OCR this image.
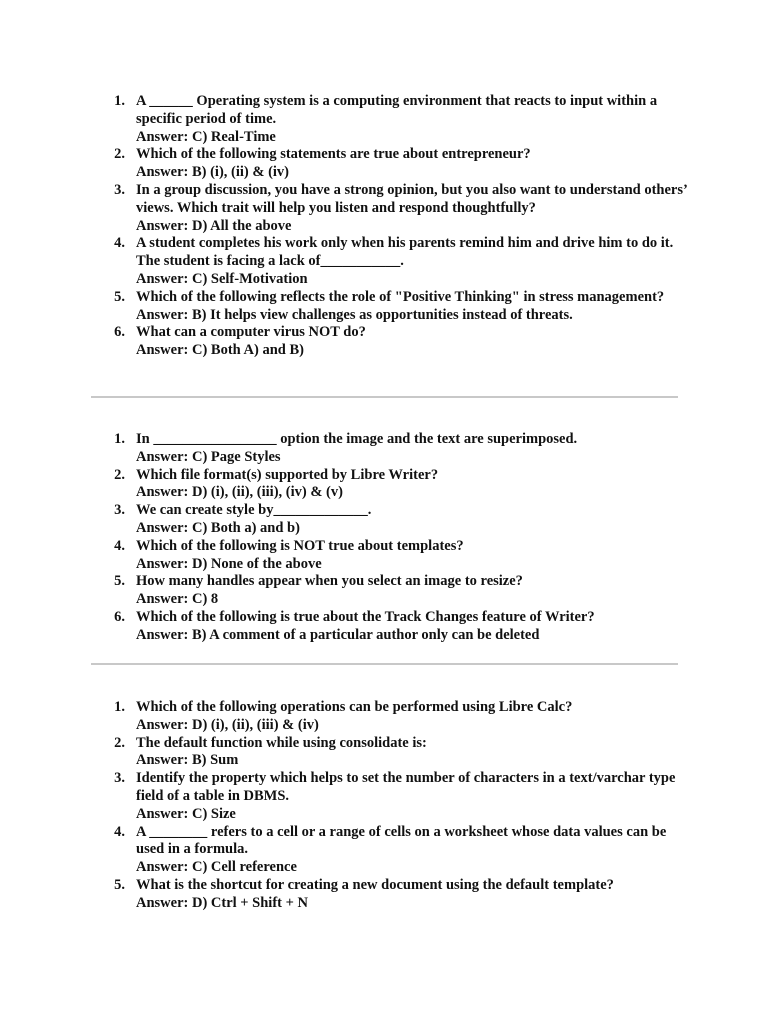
1. A ______ Operating system is a computing environment that reacts to input within a specific period of time.
Answer: C) Real-Time
2. Which of the following statements are true about entrepreneur?
Answer: B) (i), (ii) & (iv)
3. In a group discussion, you have a strong opinion, but you also want to understand others’ views. Which trait will help you listen and respond thoughtfully?
Answer: D) All the above
4. A student completes his work only when his parents remind him and drive him to do it. The student is facing a lack of___________.
Answer: C) Self-Motivation
5. Which of the following reflects the role of "Positive Thinking" in stress management?
Answer: B) It helps view challenges as opportunities instead of threats.
6. What can a computer virus NOT do?
Answer: C) Both A) and B)
1. In _________________ option the image and the text are superimposed.
Answer: C) Page Styles
2. Which file format(s) supported by Libre Writer?
Answer: D) (i), (ii), (iii), (iv) & (v)
3. We can create style by_____________.
Answer: C) Both a) and b)
4. Which of the following is NOT true about templates?
Answer: D) None of the above
5. How many handles appear when you select an image to resize?
Answer: C) 8
6. Which of the following is true about the Track Changes feature of Writer?
Answer: B) A comment of a particular author only can be deleted
1. Which of the following operations can be performed using Libre Calc?
Answer: D) (i), (ii), (iii) & (iv)
2. The default function while using consolidate is:
Answer: B) Sum
3. Identify the property which helps to set the number of characters in a text/varchar type field of a table in DBMS.
Answer: C) Size
4. A ________ refers to a cell or a range of cells on a worksheet whose data values can be used in a formula.
Answer: C) Cell reference
5. What is the shortcut for creating a new document using the default template?
Answer: D) Ctrl + Shift + N
